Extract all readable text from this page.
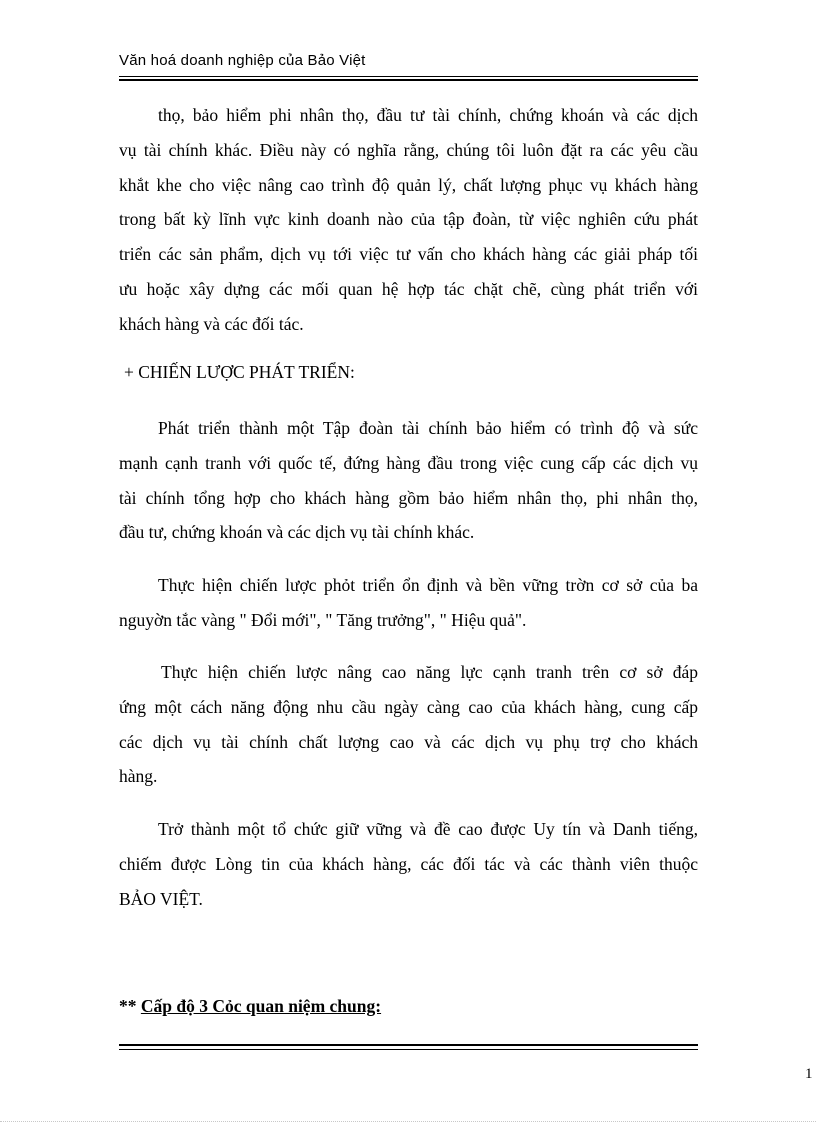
Văn hoá doanh nghiệp của Bảo Việt

thọ, bảo hiểm phi nhân thọ, đầu tư tài chính, chứng khoán và các dịch
vụ tài chính khác. Điều này có nghĩa rằng, chúng tôi luôn đặt ra các yêu cầu
khắt khe cho việc nâng cao trình độ quản lý, chất lượng phục vụ khách hàng
trong bất kỳ lĩnh vực kinh doanh nào của tập đoàn, từ việc nghiên cứu phát
triển các sản phẩm, dịch vụ tới việc tư vấn cho khách hàng các giải pháp tối
ưu hoặc xây dựng các mối quan hệ hợp tác chặt chẽ, cùng phát triển với
khách hàng và các đối tác.

+ CHIẾN LƯỢC PHÁT TRIỂN:

Phát triển thành một Tập đoàn tài chính bảo hiểm có trình độ và sức
mạnh cạnh tranh với quốc tế, đứng hàng đầu trong việc cung cấp các dịch vụ
tài chính tổng hợp cho khách hàng gồm bảo hiểm nhân thọ, phi nhân thọ,
đầu tư, chứng khoán và các dịch vụ tài chính khác.

Thực hiện chiến lược phỏt triển ổn định và bền vững trờn cơ sở của ba
nguyờn tắc vàng " Đổi mới", " Tăng trưởng", " Hiệu quả".

Thực hiện chiến lược nâng cao năng lực cạnh tranh trên cơ sở đáp
ứng một cách năng động nhu cầu ngày càng cao của khách hàng, cung cấp
các dịch vụ tài chính chất lượng cao và các dịch vụ phụ trợ cho khách
hàng.

Trở thành một tổ chức giữ vững và đề cao được Uy tín và Danh tiếng,
chiếm được Lòng tin của khách hàng, các đối tác và các thành viên thuộc
BẢO VIỆT.

** Cấp độ 3 Cỏc quan niệm chung:
1
